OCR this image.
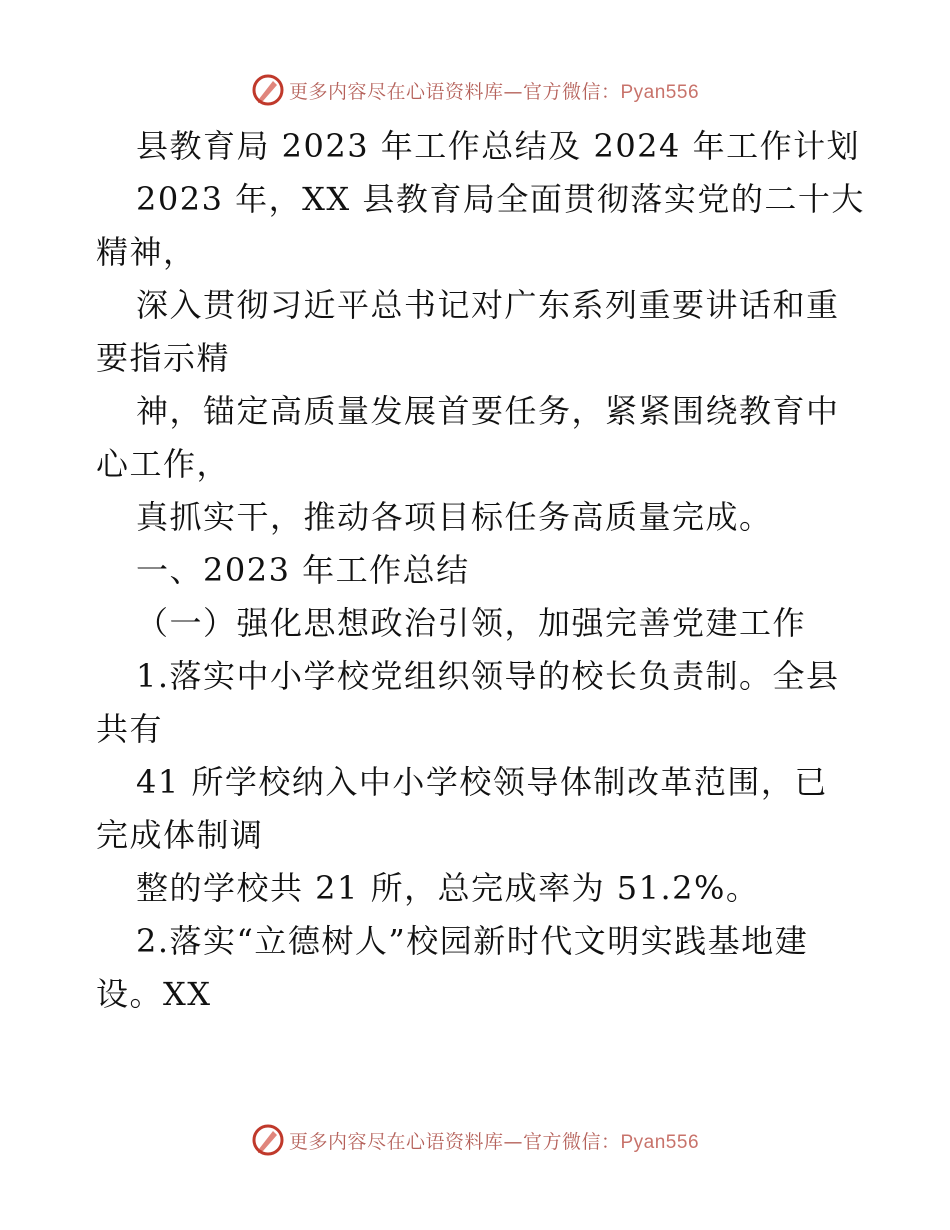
更多内容尽在心语资料库—官方微信：Pyan556
县教育局 2023 年工作总结及 2024 年工作计划
2023 年，XX 县教育局全面贯彻落实党的二十大
精神，
深入贯彻习近平总书记对广东系列重要讲话和重
要指示精
神，锚定高质量发展首要任务，紧紧围绕教育中
心工作，
真抓实干，推动各项目标任务高质量完成。
一、2023 年工作总结
（一）强化思想政治引领，加强完善党建工作
1.落实中小学校党组织领导的校长负责制。全县
共有
41 所学校纳入中小学校领导体制改革范围，已
完成体制调
整的学校共 21 所，总完成率为 51.2%。
2.落实“立德树人”校园新时代文明实践基地建
设。XX
更多内容尽在心语资料库—官方微信：Pyan556
